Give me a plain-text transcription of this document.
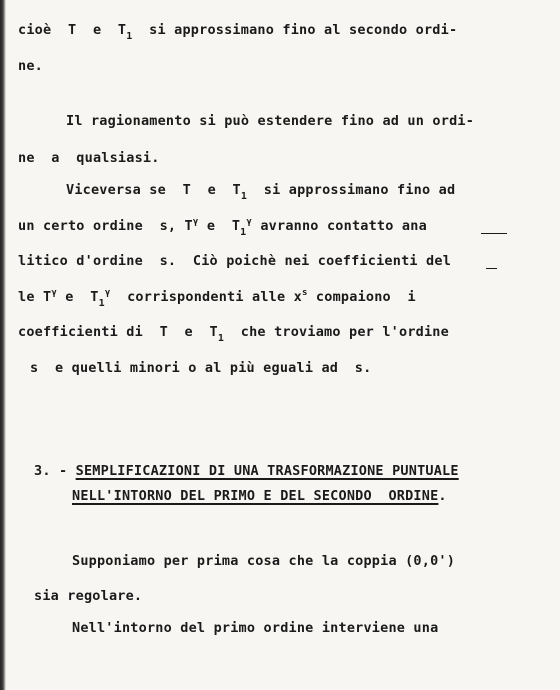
cioè  T  e  $T_1$  si approssimano fino al secondo ordi-
ne.
Il ragionamento si può estendere fino ad un ordi-
ne  a  qualsiasi.
Viceversa se  T  e  $T_1$  si approssimano fino ad
un certo ordine  s, $T^\gamma$ e  $T_1^\gamma$ avranno contatto ana
litico d'ordine  s.  Ciò poichè nei coefficienti del
le $T^\gamma$ e  $T_1^\gamma$  corrispondenti alle $x^s$ compaiono  i
coefficienti di  T  e  $T_1$  che troviamo per l'ordine
s  e quelli minori o al più eguali ad  s.
3. - SEMPLIFICAZIONI DI UNA TRASFORMAZIONE PUNTUALE
NELL'INTORNO DEL PRIMO E DEL SECONDO  ORDINE.
Supponiamo per prima cosa che la coppia (0,0')
sia regolare.
Nell'intorno del primo ordine interviene una
